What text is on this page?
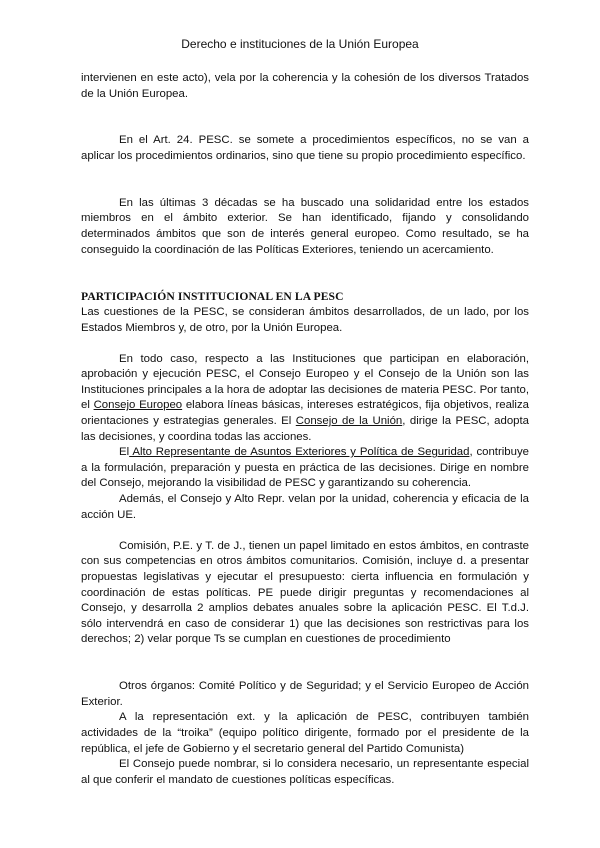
Derecho e instituciones de la Unión Europea

intervienen en este acto), vela por la coherencia y la cohesión de los diversos Tratados de la Unión Europea.

En el Art. 24. PESC. se somete a procedimientos específicos, no se van a aplicar los procedimientos ordinarios, sino que tiene su propio procedimiento específico.

En las últimas 3 décadas se ha buscado una solidaridad entre los estados miembros en el ámbito exterior. Se han identificado, fijando y consolidando determinados ámbitos que son de interés general europeo. Como resultado, se ha conseguido la coordinación de las Políticas Exteriores, teniendo un acercamiento.

PARTICIPACIÓN INSTITUCIONAL EN LA PESC

Las cuestiones de la PESC, se consideran ámbitos desarrollados, de un lado, por los Estados Miembros y, de otro, por la Unión Europea.

En todo caso, respecto a las Instituciones que participan en elaboración, aprobación y ejecución PESC, el Consejo Europeo y el Consejo de la Unión son las Instituciones principales a la hora de adoptar las decisiones de materia PESC. Por tanto, el Consejo Europeo elabora líneas básicas, intereses estratégicos, fija objetivos, realiza orientaciones y estrategias generales. El Consejo de la Unión, dirige la PESC, adopta las decisiones, y coordina todas las acciones.

El Alto Representante de Asuntos Exteriores y Política de Seguridad, contribuye a la formulación, preparación y puesta en práctica de las decisiones. Dirige en nombre del Consejo, mejorando la visibilidad de PESC y garantizando su coherencia.

Además, el Consejo y Alto Repr. velan por la unidad, coherencia y eficacia de la acción UE.

Comisión, P.E. y T. de J., tienen un papel limitado en estos ámbitos, en contraste con sus competencias en otros ámbitos comunitarios. Comisión, incluye d. a presentar propuestas legislativas y ejecutar el presupuesto: cierta influencia en formulación y coordinación de estas políticas. PE puede dirigir preguntas y recomendaciones al Consejo, y desarrolla 2 amplios debates anuales sobre la aplicación PESC. El T.d.J. sólo intervendrá en caso de considerar 1) que las decisiones son restrictivas para los derechos; 2) velar porque Ts se cumplan en cuestiones de procedimiento

Otros órganos: Comité Político y de Seguridad; y el Servicio Europeo de Acción Exterior.

A la representación ext. y la aplicación de PESC, contribuyen también actividades de la “troika” (equipo político dirigente, formado por el presidente de la república, el jefe de Gobierno y el secretario general del Partido Comunista)

El Consejo puede nombrar, si lo considera necesario, un representante especial al que conferir el mandato de cuestiones políticas específicas.
